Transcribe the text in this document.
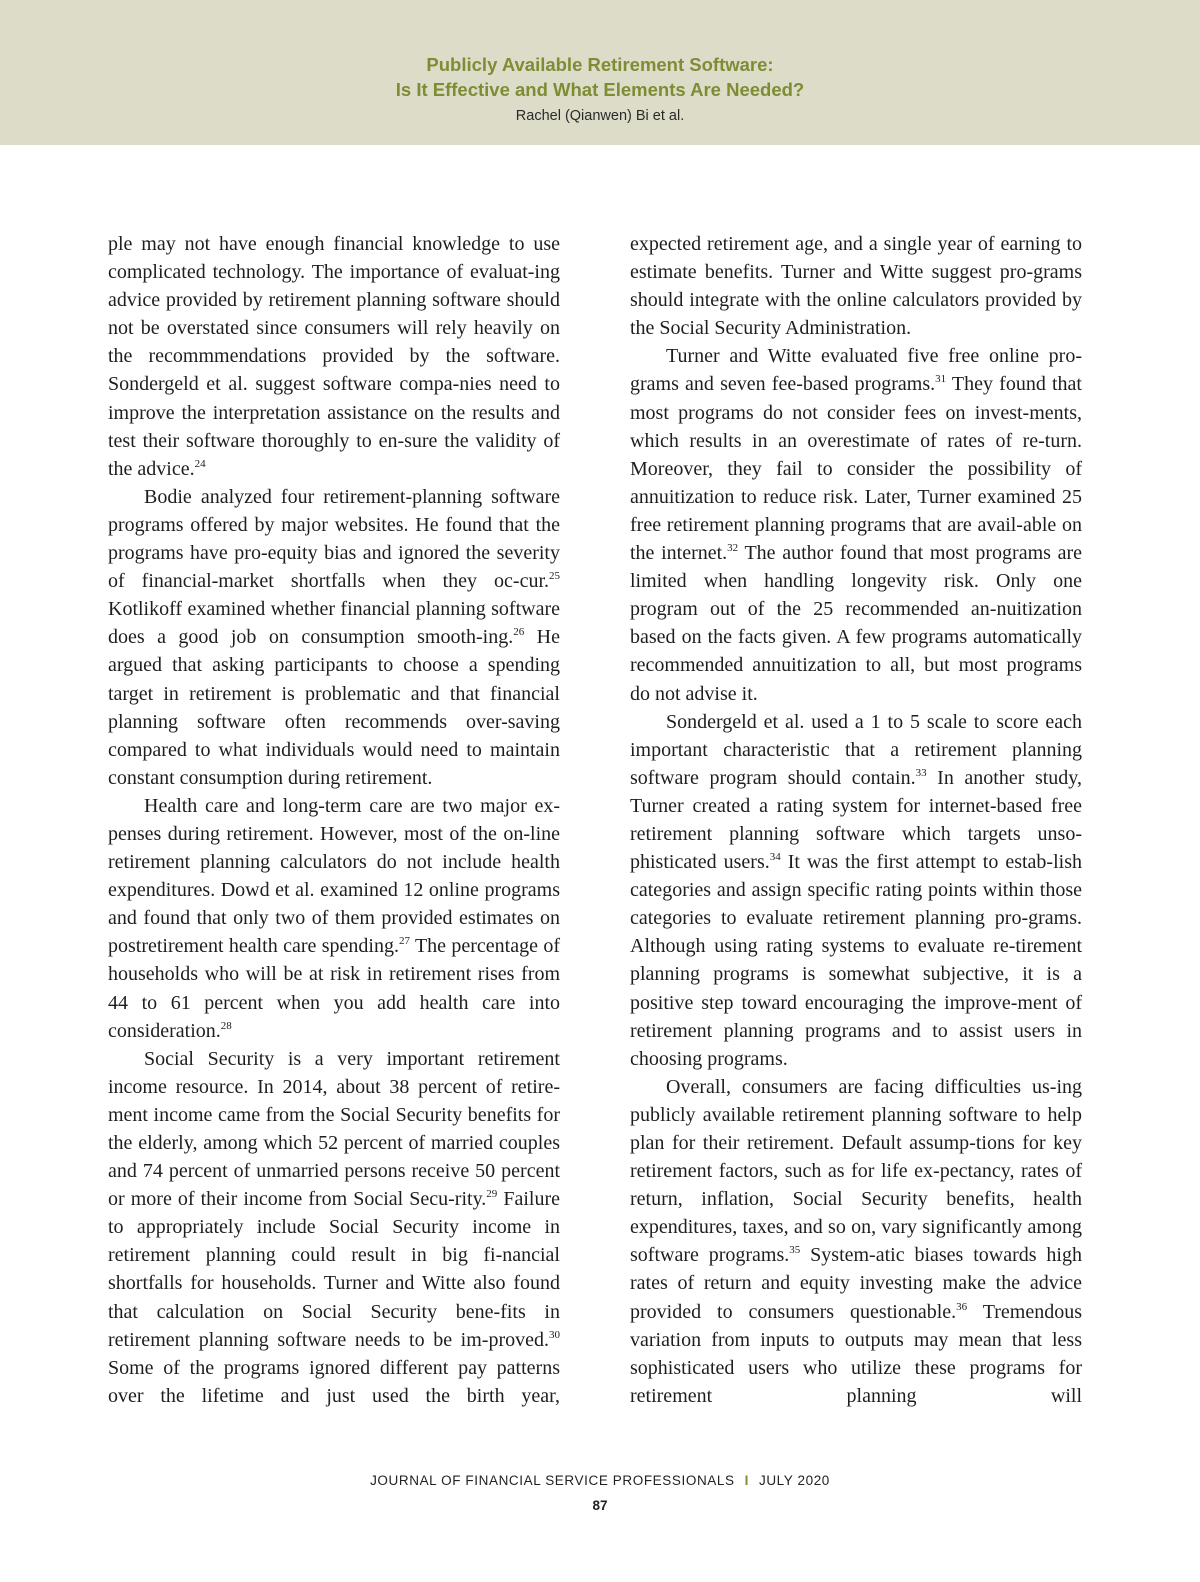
Publicly Available Retirement Software:
Is It Effective and What Elements Are Needed?
Rachel (Qianwen) Bi et al.

ple may not have enough financial knowledge to use complicated technology. The importance of evaluat-ing advice provided by retirement planning software should not be overstated since consumers will rely heavily on the recommmendations provided by the software. Sondergeld et al. suggest software compa-nies need to improve the interpretation assistance on the results and test their software thoroughly to en-sure the validity of the advice.$^{24}$

Bodie analyzed four retirement-planning software programs offered by major websites. He found that the programs have pro-equity bias and ignored the severity of financial-market shortfalls when they oc-cur.$^{25}$ Kotlikoff examined whether financial planning software does a good job on consumption smooth-ing.$^{26}$ He argued that asking participants to choose a spending target in retirement is problematic and that financial planning software often recommends over-saving compared to what individuals would need to maintain constant consumption during retirement.

Health care and long-term care are two major ex-penses during retirement. However, most of the on-line retirement planning calculators do not include health expenditures. Dowd et al. examined 12 online programs and found that only two of them provided estimates on postretirement health care spending.$^{27}$ The percentage of households who will be at risk in retirement rises from 44 to 61 percent when you add health care into consideration.$^{28}$

Social Security is a very important retirement income resource. In 2014, about 38 percent of retire-ment income came from the Social Security benefits for the elderly, among which 52 percent of married couples and 74 percent of unmarried persons receive 50 percent or more of their income from Social Secu-rity.$^{29}$ Failure to appropriately include Social Security income in retirement planning could result in big fi-nancial shortfalls for households. Turner and Witte also found that calculation on Social Security bene-fits in retirement planning software needs to be im-proved.$^{30}$ Some of the programs ignored different pay patterns over the lifetime and just used the birth year,

expected retirement age, and a single year of earning to estimate benefits. Turner and Witte suggest pro-grams should integrate with the online calculators provided by the Social Security Administration.

Turner and Witte evaluated five free online pro-grams and seven fee-based programs.$^{31}$ They found that most programs do not consider fees on invest-ments, which results in an overestimate of rates of re-turn. Moreover, they fail to consider the possibility of annuitization to reduce risk. Later, Turner examined 25 free retirement planning programs that are avail-able on the internet.$^{32}$ The author found that most programs are limited when handling longevity risk. Only one program out of the 25 recommended an-nuitization based on the facts given. A few programs automatically recommended annuitization to all, but most programs do not advise it.

Sondergeld et al. used a 1 to 5 scale to score each important characteristic that a retirement planning software program should contain.$^{33}$ In another study, Turner created a rating system for internet-based free retirement planning software which targets unso-phisticated users.$^{34}$ It was the first attempt to estab-lish categories and assign specific rating points within those categories to evaluate retirement planning pro-grams. Although using rating systems to evaluate re-tirement planning programs is somewhat subjective, it is a positive step toward encouraging the improve-ment of retirement planning programs and to assist users in choosing programs.

Overall, consumers are facing difficulties us-ing publicly available retirement planning software to help plan for their retirement. Default assump-tions for key retirement factors, such as for life ex-pectancy, rates of return, inflation, Social Security benefits, health expenditures, taxes, and so on, vary significantly among software programs.$^{35}$ System-atic biases towards high rates of return and equity investing make the advice provided to consumers questionable.$^{36}$ Tremendous variation from inputs to outputs may mean that less sophisticated users who utilize these programs for retirement planning will

JOURNAL OF FINANCIAL SERVICE PROFESSIONALS I JULY 2020
87
